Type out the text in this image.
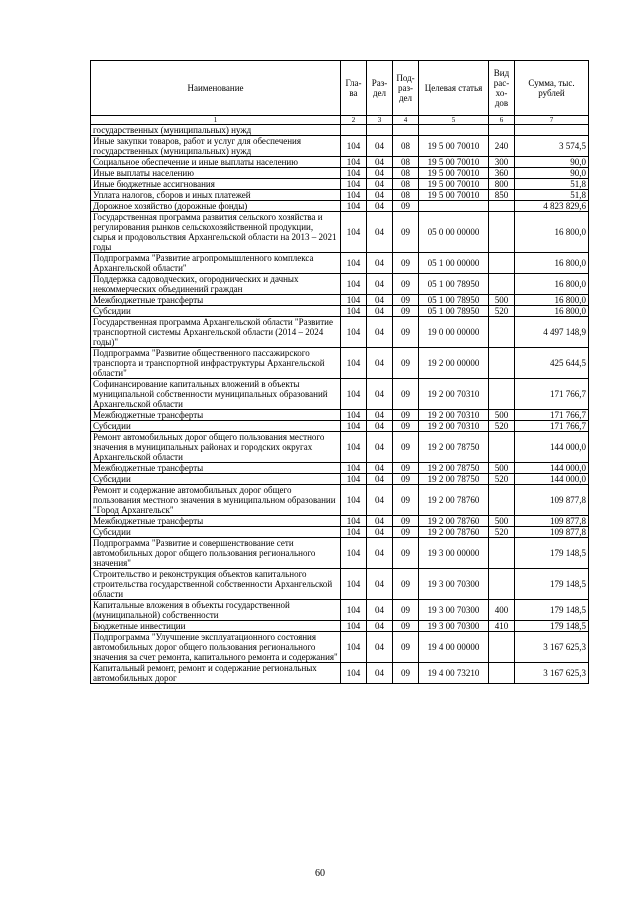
Наименование	Гла-ва	Раз-дел	Под-раз-дел	Целевая статья	Вид рас-хо-дов	Сумма, тыс. рублей
1	2	3	4	5	6	7
государственных (муниципальных) нужд						
Иные закупки товаров, работ и услуг для обеспечения государственных (муниципальных) нужд	104	04	08	19 5 00 70010	240	3 574,5
Социальное обеспечение и иные выплаты населению	104	04	08	19 5 00 70010	300	90,0
Иные выплаты населению	104	04	08	19 5 00 70010	360	90,0
Иные бюджетные ассигнования	104	04	08	19 5 00 70010	800	51,8
Уплата налогов, сборов и иных платежей	104	04	08	19 5 00 70010	850	51,8
Дорожное хозяйство (дорожные фонды)	104	04	09			4 823 829,6
Государственная программа развития сельского хозяйства и регулирования рынков сельскохозяйственной продукции, сырья и продовольствия Архангельской области на 2013 – 2021 годы	104	04	09	05 0 00 00000		16 800,0
Подпрограмма "Развитие агропромышленного комплекса Архангельской области"	104	04	09	05 1 00 00000		16 800,0
Поддержка садоводческих, огороднических и дачных некоммерческих объединений граждан	104	04	09	05 1 00 78950		16 800,0
Межбюджетные трансферты	104	04	09	05 1 00 78950	500	16 800,0
Субсидии	104	04	09	05 1 00 78950	520	16 800,0
Государственная программа Архангельской области "Развитие транспортной системы Архангельской области (2014 – 2024 годы)"	104	04	09	19 0 00 00000		4 497 148,9
Подпрограмма "Развитие общественного пассажирского транспорта и транспортной инфраструктуры Архангельской области"	104	04	09	19 2 00 00000		425 644,5
Софинансирование капитальных вложений в объекты муниципальной собственности муниципальных образований Архангельской области	104	04	09	19 2 00 70310		171 766,7
Межбюджетные трансферты	104	04	09	19 2 00 70310	500	171 766,7
Субсидии	104	04	09	19 2 00 70310	520	171 766,7
Ремонт автомобильных дорог общего пользования местного значения в муниципальных районах и городских округах Архангельской области	104	04	09	19 2 00 78750		144 000,0
Межбюджетные трансферты	104	04	09	19 2 00 78750	500	144 000,0
Субсидии	104	04	09	19 2 00 78750	520	144 000,0
Ремонт и содержание автомобильных дорог общего пользования местного значения в муниципальном образовании "Город Архангельск"	104	04	09	19 2 00 78760		109 877,8
Межбюджетные трансферты	104	04	09	19 2 00 78760	500	109 877,8
Субсидии	104	04	09	19 2 00 78760	520	109 877,8
Подпрограмма "Развитие и совершенствование сети автомобильных дорог общего пользования регионального значения"	104	04	09	19 3 00 00000		179 148,5
Строительство и реконструкция объектов капитального строительства государственной собственности Архангельской области	104	04	09	19 3 00 70300		179 148,5
Капитальные вложения в объекты государственной (муниципальной) собственности	104	04	09	19 3 00 70300	400	179 148,5
Бюджетные инвестиции	104	04	09	19 3 00 70300	410	179 148,5
Подпрограмма "Улучшение эксплуатационного состояния автомобильных дорог общего пользования регионального значения за счет ремонта, капитального ремонта и содержания"	104	04	09	19 4 00 00000		3 167 625,3
Капитальный ремонт, ремонт и содержание региональных автомобильных дорог	104	04	09	19 4 00 73210		3 167 625,3
60
